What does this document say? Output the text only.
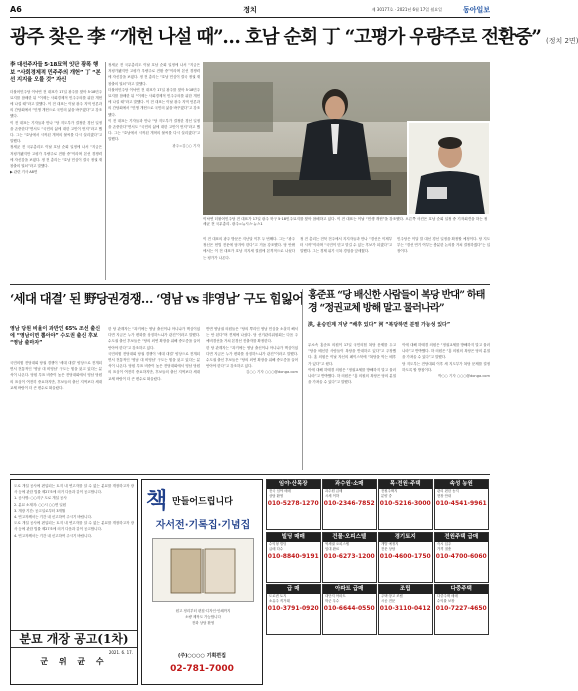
A6	정치	제 30177호 · 2021년 6월 17일 월요일	동아일보
광주 찾은 李 “개헌 나설 때”… 호남 순회 丁 “고평가 우량주로 전환중” (정치 2면)
李 대선주자들 5·18묘역 잇단 광폭 행보 “사회경제적 민주주의 개헌” 丁 “본선 지지율 오를 것” 자신

더불어민주당 이낙연 전 대표가 17일 광주를 찾아 5·18민주묘지를 참배한 뒤 “이제는 사회경제적 민주주의를 위한 개헌에 나설 때”라고 말했다. 이 전 대표는 이날 광주 지역 언론과의 간담회에서 “민생 개헌으로 국민의 삶을 바꾸겠다”고 강조했다.

이 전 대표는 기자들과 만나 “당 지도부가 결정한 경선 일정을 존중한다”면서도 “국민의 삶에 대한 고민이 먼저”라고 했다. 그는 “호남에서 시작된 개혁의 불씨를 다시 살리겠다”고 말했다.

정세균 전 국무총리도 이날 호남 순회 일정에 나서 “지금은 저평가됐지만 고평가 우량주로 전환 중”이라며 본선 경쟁력에 자신감을 보였다. 정 전 총리는 “호남 민심이 결국 정권 재창출의 열쇠”라고 말했다.

▶ 관련 기사 A8면

정세균 전 국무총리도 이날 호남 순회 일정에 나서 “지금은 저평가됐지만 고평가 우량주로 전환 중”이라며 본선 경쟁력에 자신감을 보였다. 정 전 총리는 “호남 민심이 결국 정권 재창출의 열쇠”라고 말했다.

더불어민주당 이낙연 전 대표가 17일 광주를 찾아 5·18민주묘지를 참배한 뒤 “이제는 사회경제적 민주주의를 위한 개헌에 나설 때”라고 말했다. 이 전 대표는 이날 광주 지역 언론과의 간담회에서 “민생 개헌으로 국민의 삶을 바꾸겠다”고 강조했다.

이 전 대표는 기자들과 만나 “당 지도부가 결정한 경선 일정을 존중한다”면서도 “국민의 삶에 대한 고민이 먼저”라고 했다. 그는 “호남에서 시작된 개혁의 불씨를 다시 살리겠다”고 말했다.

광주=김○○ 기자
이낙연 더불어민주당 전 대표가 17일 광주 북구 5·18민주묘지를 찾아 참배하고 있다. 이 전 대표는 이날 “민생 개헌”을 강조했다. 오른쪽 사진은 호남 순회 일정 중 기자회견을 하는 정세균 전 국무총리. 광주=뉴시스·뉴스1

이 전 대표의 광주 방문은 지난달 이후 두 번째다. 그는 “광주 정신은 헌법 전문에 담겨야 한다”고 거듭 강조했다. 당 안팎에서는 이 전 대표가 호남 지지세 결집에 본격적으로 나섰다는 평가가 나온다.

정 전 총리는 전북 전주에서 지지자들과 만나 “경선은 이제부터 시작”이라며 “국민이 믿고 맡길 수 있는 후보가 되겠다”고 말했다. 그는 경제 위기 극복 경험을 앞세웠다.

민주당은 이달 말 대선 경선 일정을 확정할 예정이다. 당 지도부는 “경선 연기 여부는 충분한 논의를 거쳐 결정하겠다”는 입장이다.

‘세대 대결’ 된 野당권경쟁… ‘영남 vs 非영남’ 구도 힘잃어
영남 당원 비율이 과반인 65% 조선 출신에 “영남이면 뽑아야” 수도권 출신 후보 “영남 출마자”

국민의힘 전당대회 당권 경쟁이 ‘세대 대결’ 양상으로 전개되면서 전통적인 ‘영남 대 비영남’ 구도는 힘을 잃고 있다는 분석이 나온다. 당원 투표 비중이 높은 전당대회에서 영남 당원의 표심이 여전히 중요하지만, 후보들의 출신 지역보다 세대교체 바람이 더 큰 변수로 떠올랐다.

한 당 관계자는 “과거에는 영남 출신이냐 아니냐가 핵심이었다면 지금은 누가 변화를 상징하느냐가 관건”이라고 말했다. 수도권 출신 후보들은 “당의 외연 확장을 위해 중도층을 끌어안아야 한다”고 강조하고 있다.

국민의힘 전당대회 당권 경쟁이 ‘세대 대결’ 양상으로 전개되면서 전통적인 ‘영남 대 비영남’ 구도는 힘을 잃고 있다는 분석이 나온다. 당원 투표 비중이 높은 전당대회에서 영남 당원의 표심이 여전히 중요하지만, 후보들의 출신 지역보다 세대교체 바람이 더 큰 변수로 떠올랐다.

반면 영남권 의원들은 “당의 뿌리인 영남 민심을 소홀히 해서는 안 된다”며 견제에 나섰다. 당 선거관리위원회는 다음 주 예비경선을 거쳐 본경선 진출자를 확정한다.

한 당 관계자는 “과거에는 영남 출신이냐 아니냐가 핵심이었다면 지금은 누가 변화를 상징하느냐가 관건”이라고 말했다. 수도권 출신 후보들은 “당의 외연 확장을 위해 중도층을 끌어안아야 한다”고 강조하고 있다.

김○○ 기자 ○○○@donga.com
홍준표 “당 배신한 사람들이 복당 반대” 하태경 “정권교체 방해 말고 물러나라”
洪, 윤승민계 겨냥 “배후 있다” 河 “복당하면 분열 가능성 있다”

무소속 홍준표 의원이 17일 국민의힘 복당 문제를 두고 “당을 배신한 사람들이 복당을 반대하고 있다”고 주장했다. 홍 의원은 이날 자신의 페이스북에 “복당을 막는 배후가 있다”고 썼다.

이에 대해 하태경 의원은 “정권교체를 방해하지 말고 물러나라”고 반박했다. 하 의원은 “홍 의원의 복당은 당의 분열을 가져올 수 있다”고 말했다.

이에 대해 하태경 의원은 “정권교체를 방해하지 말고 물러나라”고 반박했다. 하 의원은 “홍 의원의 복당은 당의 분열을 가져올 수 있다”고 말했다.

당 지도부는 전당대회 이후 새 지도부가 복당 문제를 결정하도록 할 방침이다.

박○○ 기자 ○○○@donga.com

도로 개설 공사에 편입되는 토지 내 연고자를 알 수 없는 분묘를 개장하고자 장사 등에 관한 법률 제27조에 의거 다음과 같이 공고합니다.

1. 공사명: ○○지구 도로 개설 공사

2. 분묘 소재지: ○○시 ○○면 일원

3. 개장 기간: 공고일로부터 3개월

4. 연고자께서는 기간 내 신고하여 주시기 바랍니다.

도로 개설 공사에 편입되는 토지 내 연고자를 알 수 없는 분묘를 개장하고자 장사 등에 관한 법률 제27조에 의거 다음과 같이 공고합니다.

4. 연고자께서는 기간 내 신고하여 주시기 바랍니다.

분묘 개장 공고(1차)
2021. 6. 17.
군 위 균 수
책 만들어드립니다
자서전·기록집·기념집

원고 정리부터 편집·디자인·인쇄까지

소량 제작도 가능합니다

전화 상담 환영

(주)○○○○ 기획편집
02-781-7000
임야·산목장
전국 임야 매매
상담 환영
010-5278-1270
과수원·소매
과수원 급매
시세 이하
010-2346-7852
목·전원·주택
전원주택지
분양 중
010-5216-3000
속성 농원
관리 편한 농지
현장 안내
010-4541-9961
빌딩 매매
수익형 빌딩
급매 다수
010-8840-9191
건물·오피스텔
역세권 오피스텔
임대 완료
010-6273-1200
경기토지
개발 예정지
전문 상담
010-4600-1750
전원주택 급매
즉시 입주
가격 절충
010-4700-6060
급 매
도로변 토지
소유주 직거래
010-3791-0920
아파트 급매
대단지 아파트
학군 우수
010-6644-0550
조립
주택·창고 조립
시공 전문
010-3110-0412
다중주택
다중주택 매매
수익률 보장
010-7227-4650
